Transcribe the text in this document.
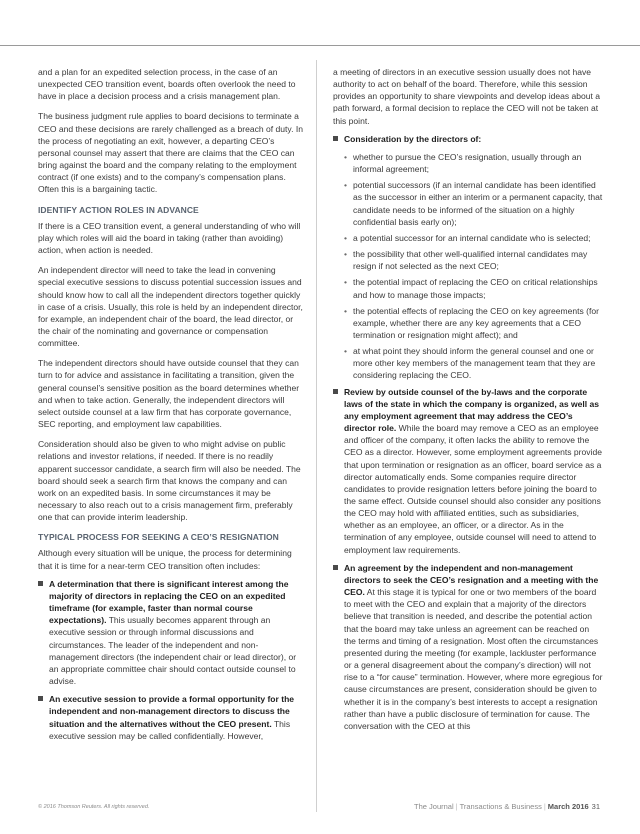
and a plan for an expedited selection process, in the case of an unexpected CEO transition event, boards often overlook the need to have in place a decision process and a crisis management plan.

The business judgment rule applies to board decisions to terminate a CEO and these decisions are rarely challenged as a breach of duty. In the process of negotiating an exit, however, a departing CEO’s personal counsel may assert that there are claims that the CEO can bring against the board and the company relating to the employment contract (if one exists) and to the company’s compensation plans. Often this is a bargaining tactic.

IDENTIFY ACTION ROLES IN ADVANCE

If there is a CEO transition event, a general understanding of who will play which roles will aid the board in taking (rather than avoiding) action, when action is needed.

An independent director will need to take the lead in convening special executive sessions to discuss potential succession issues and should know how to call all the independent directors together quickly in case of a crisis. Usually, this role is held by an independent director, for example, an independent chair of the board, the lead director, or the chair of the nominating and governance or compensation committee.

The independent directors should have outside counsel that they can turn to for advice and assistance in facilitating a transition, given the general counsel’s sensitive position as the board determines whether and when to take action. Generally, the independent directors will select outside counsel at a law firm that has corporate governance, SEC reporting, and employment law capabilities.

Consideration should also be given to who might advise on public relations and investor relations, if needed. If there is no readily apparent successor candidate, a search firm will also be needed. The board should seek a search firm that knows the company and can work on an expedited basis. In some circumstances it may be necessary to also reach out to a crisis management firm, preferably one that can provide interim leadership.

TYPICAL PROCESS FOR SEEKING A CEO’S RESIGNATION

Although every situation will be unique, the process for determining that it is time for a near-term CEO transition often includes:

A determination that there is significant interest among the majority of directors in replacing the CEO on an expedited timeframe (for example, faster than normal course expectations). This usually becomes apparent through an executive session or through informal discussions and circumstances. The leader of the independent and non-management directors (the independent chair or lead director), or an appropriate committee chair should contact outside counsel to advise.
An executive session to provide a formal opportunity for the independent and non-management directors to discuss the situation and the alternatives without the CEO present. This executive session may be called confidentially. However,

a meeting of directors in an executive session usually does not have authority to act on behalf of the board. Therefore, while this session provides an opportunity to share viewpoints and develop ideas about a path forward, a formal decision to replace the CEO will not be taken at this point.

Consideration by the directors of:
• whether to pursue the CEO’s resignation, usually through an informal agreement;
• potential successors (if an internal candidate has been identified as the successor in either an interim or a permanent capacity, that candidate needs to be informed of the situation on a highly confidential basis early on);
• a potential successor for an internal candidate who is selected;
• the possibility that other well-qualified internal candidates may resign if not selected as the next CEO;
• the potential impact of replacing the CEO on critical relationships and how to manage those impacts;
• the potential effects of replacing the CEO on key agreements (for example, whether there are any key agreements that a CEO termination or resignation might affect); and
• at what point they should inform the general counsel and one or more other key members of the management team that they are considering replacing the CEO.
Review by outside counsel of the by-laws and the corporate laws of the state in which the company is organized, as well as any employment agreement that may address the CEO’s director role. While the board may remove a CEO as an employee and officer of the company, it often lacks the ability to remove the CEO as a director. However, some employment agreements provide that upon termination or resignation as an officer, board service as a director automatically ends. Some companies require director candidates to provide resignation letters before joining the board to the same effect. Outside counsel should also consider any positions the CEO may hold with affiliated entities, such as subsidiaries, whether as an employee, an officer, or a director. As in the termination of any employee, outside counsel will need to attend to employment law requirements.
An agreement by the independent and non-management directors to seek the CEO’s resignation and a meeting with the CEO. At this stage it is typical for one or two members of the board to meet with the CEO and explain that a majority of the directors believe that transition is needed, and describe the potential action that the board may take unless an agreement can be reached on the terms and timing of a resignation. Most often the circumstances presented during the meeting (for example, lackluster performance or a general disagreement about the company’s direction) will not rise to a “for cause” termination. However, where more egregious for cause circumstances are present, consideration should be given to whether it is in the company’s best interests to accept a resignation rather than have a public disclosure of termination for cause. The conversation with the CEO at this
© 2016 Thomson Reuters. All rights reserved.	The Journal | Transactions & Business | March 2016 31
